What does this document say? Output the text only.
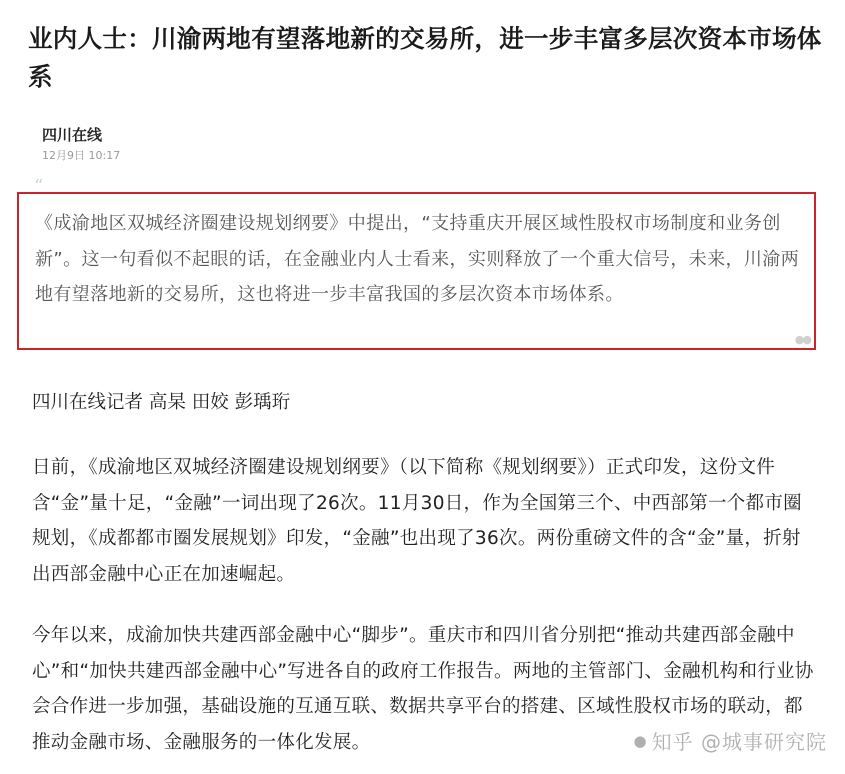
业内人士：川渝两地有望落地新的交易所，进一步丰富多层次资本市场体系
四川在线
12月9日 10:17
“

《成渝地区双城经济圈建设规划纲要》中提出，“支持重庆开展区域性股权市场制度和业务创新”。这一句看似不起眼的话，在金融业内人士看来，实则释放了一个重大信号，未来，川渝两地有望落地新的交易所，这也将进一步丰富我国的多层次资本市场体系。

●●

四川在线记者 高杲 田姣 彭瑀珩

日前，《成渝地区双城经济圈建设规划纲要》（以下简称《规划纲要》）正式印发，这份文件含“金”量十足，“金融”一词出现了26次。11月30日，作为全国第三个、中西部第一个都市圈规划，《成都都市圈发展规划》印发，“金融”也出现了36次。两份重磅文件的含“金”量，折射出西部金融中心正在加速崛起。

今年以来，成渝加快共建西部金融中心“脚步”。重庆市和四川省分别把“推动共建西部金融中心”和“加快共建西部金融中心”写进各自的政府工作报告。两地的主管部门、金融机构和行业协会合作进一步加强，基础设施的互通互联、数据共享平台的搭建、区域性股权市场的联动，都推动金融市场、金融服务的一体化发展。	● 知乎 @城事研究院
